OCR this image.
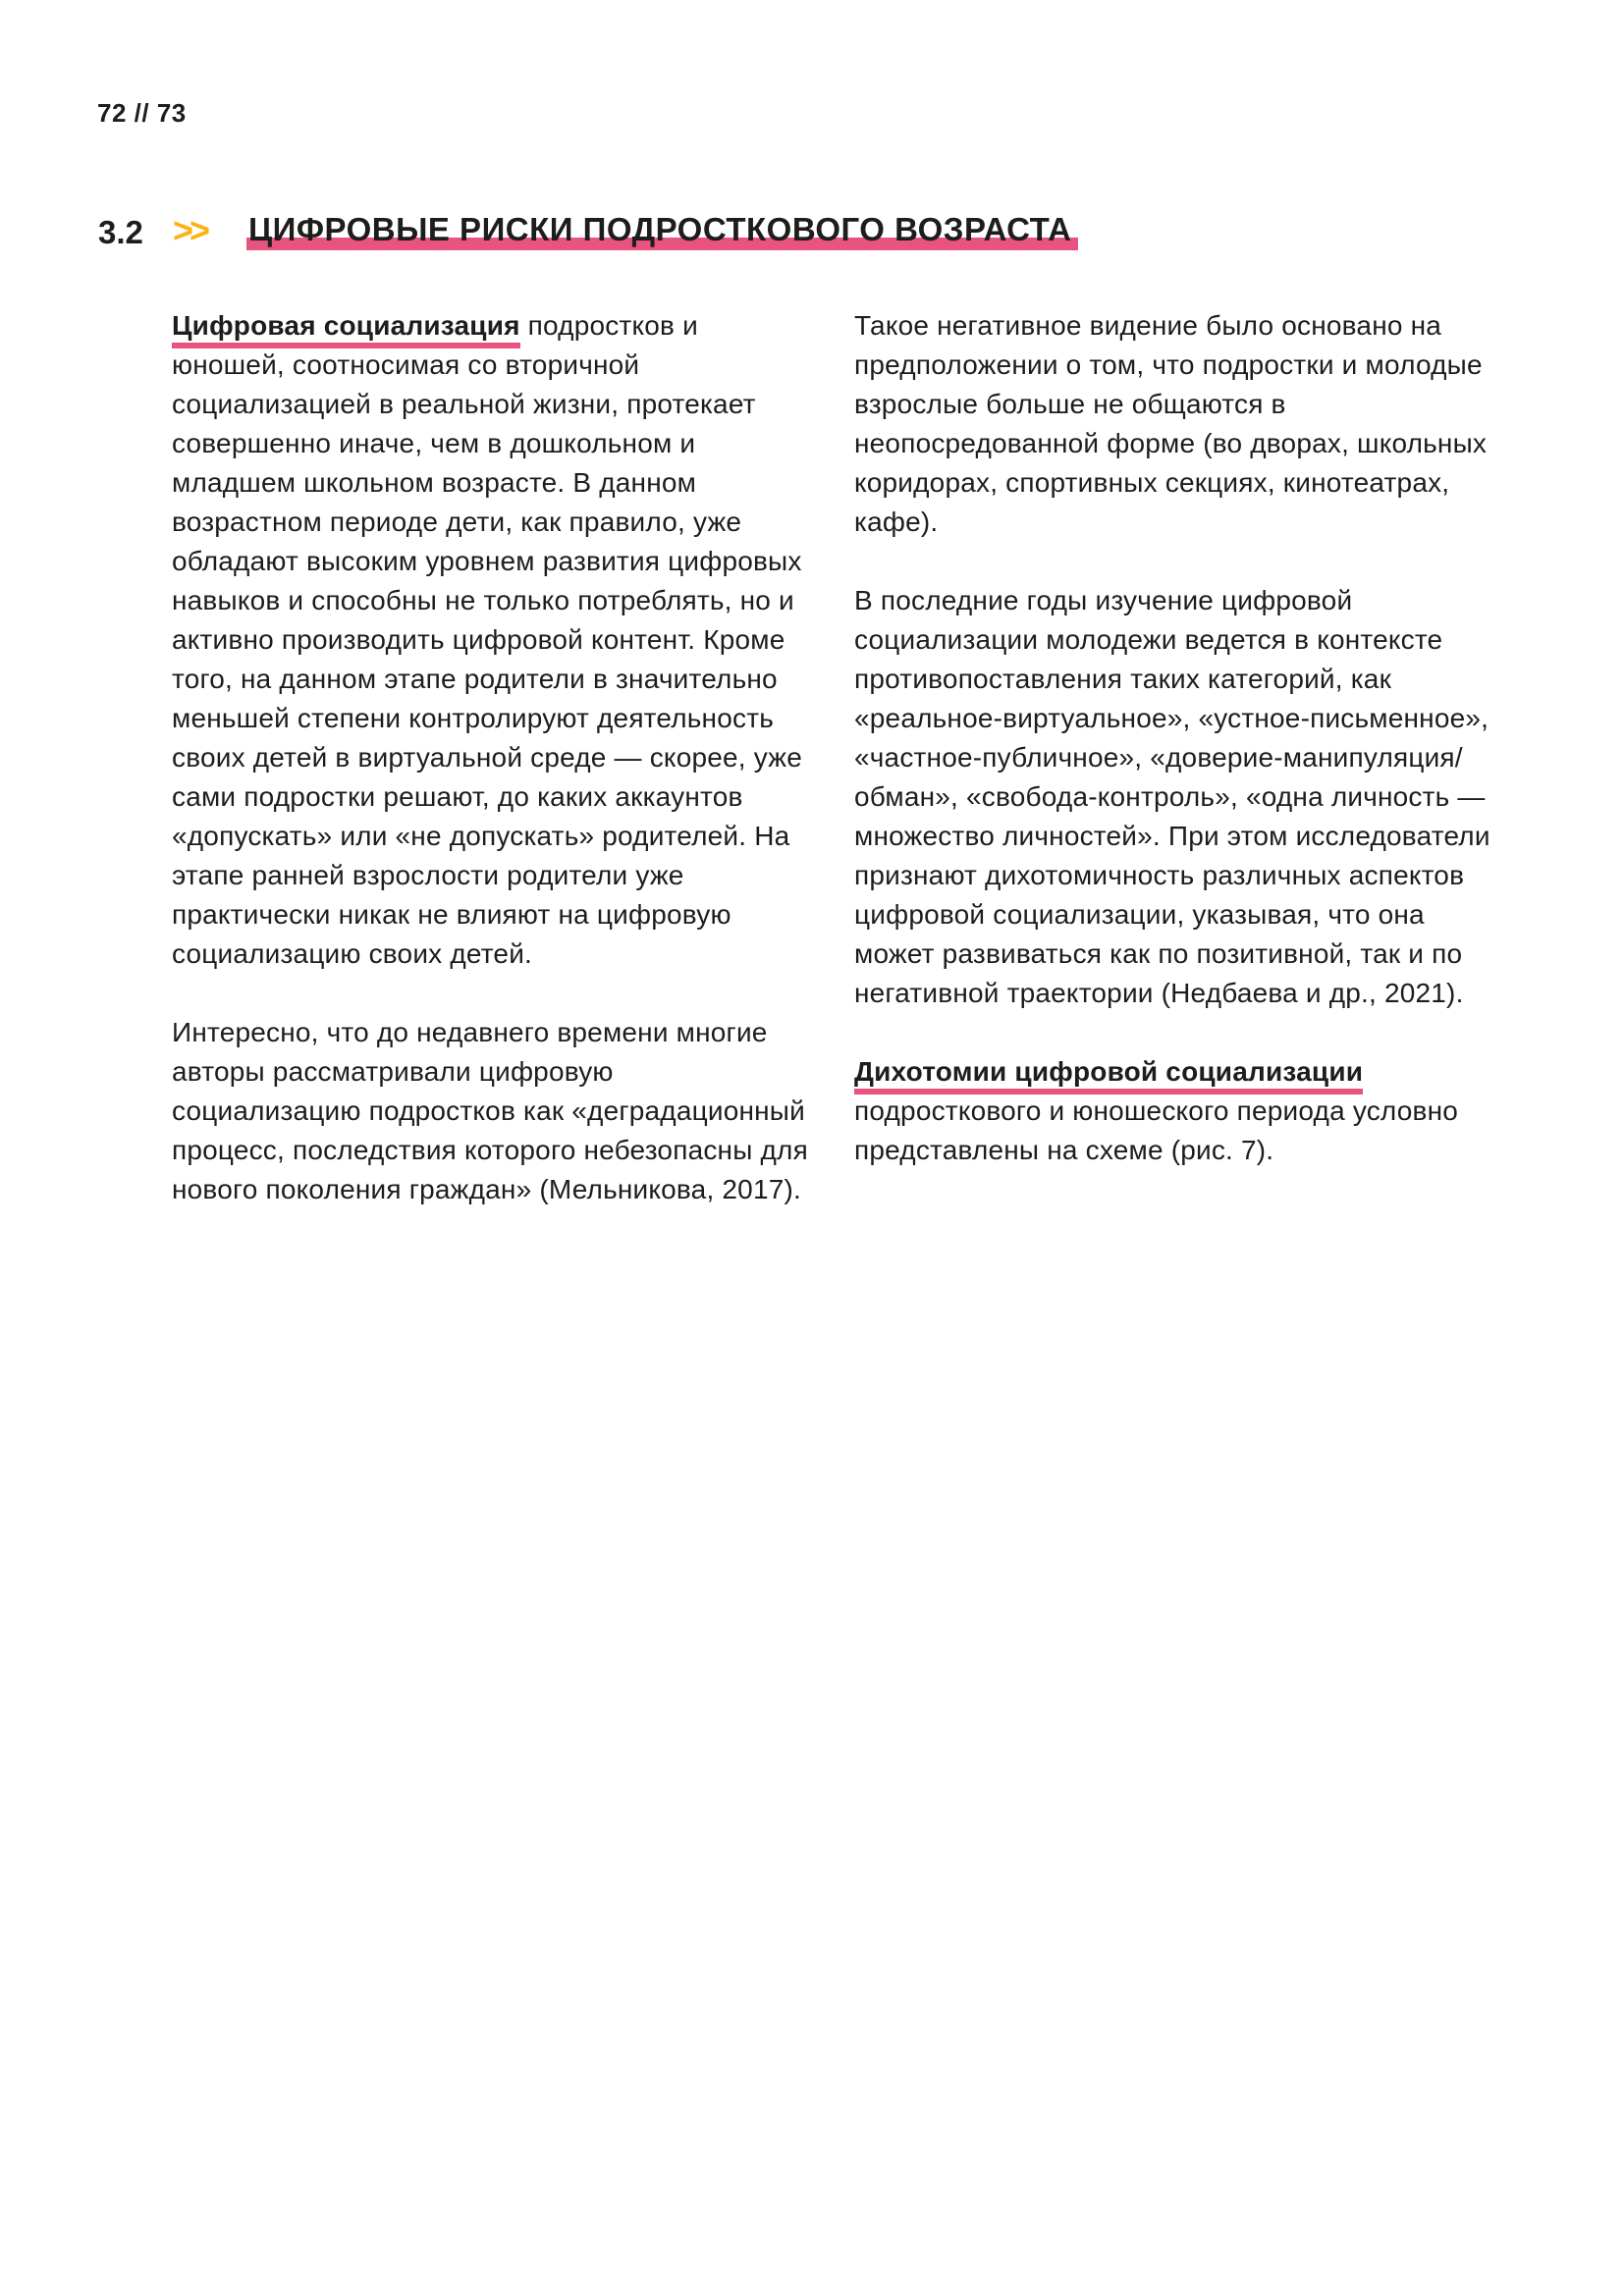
72 // 73
3.2 >> ЦИФРОВЫЕ РИСКИ ПОДРОСТКОВОГО ВОЗРАСТА

Цифровая социализация подростков и юношей, соотносимая со вторичной социализацией в реальной жизни, протекает совершенно иначе, чем в дошкольном и младшем школьном возрасте. В данном возрастном периоде дети, как правило, уже обладают высоким уровнем развития цифровых навыков и способны не только потреблять, но и активно производить цифровой контент. Кроме того, на данном этапе родители в значительно меньшей степени контролируют деятельность своих детей в виртуальной среде — скорее, уже сами подростки решают, до каких аккаунтов «допускать» или «не допускать» родителей. На этапе ранней взрослости родители уже практически никак не влияют на цифровую социализацию своих детей.

Интересно, что до недавнего времени многие авторы рассматривали цифровую социализацию подростков как «деградационный процесс, последствия которого небезопасны для нового поколения граждан» (Мельникова, 2017).

Такое негативное видение было основано на предположении о том, что подростки и молодые взрослые больше не общаются в неопосредованной форме (во дворах, школьных коридорах, спортивных секциях, кинотеатрах, кафе).

В последние годы изучение цифровой социализации молодежи ведется в контексте противопоставления таких категорий, как «реальное-виртуальное», «устное-письменное», «частное-публичное», «доверие-манипуляция/обман», «свобода-контроль», «одна личность — множество личностей». При этом исследователи признают дихотомичность различных аспектов цифровой социализации, указывая, что она может развиваться как по позитивной, так и по негативной траектории (Недбаева и др., 2021).

Дихотомии цифровой социализации подросткового и юношеского периода условно представлены на схеме (рис. 7).
